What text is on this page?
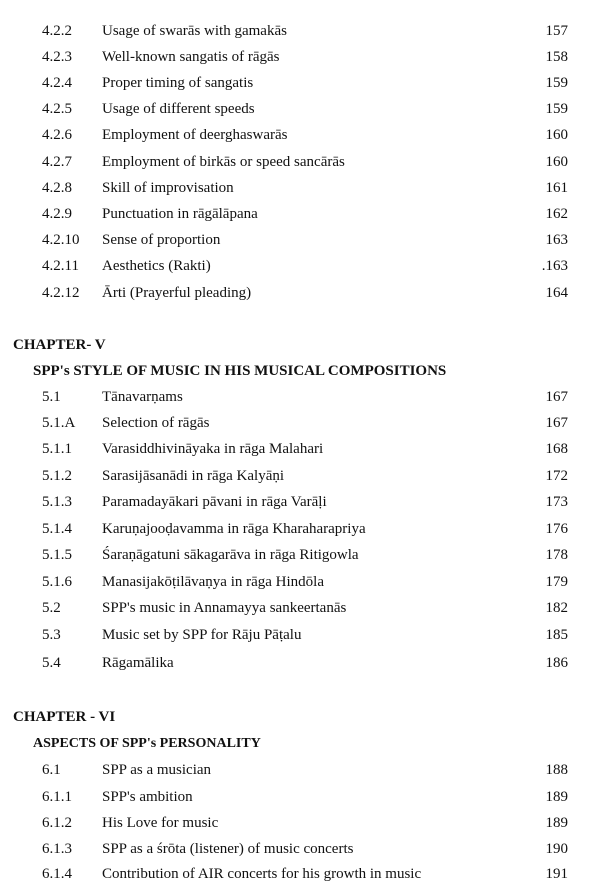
4.2.2 Usage of swarās with gamakās	157
4.2.3 Well-known sangatis of rāgās	158
4.2.4 Proper timing of sangatis	159
4.2.5 Usage of different speeds	159
4.2.6 Employment of deerghaswarās	160
4.2.7 Employment of birkās or speed sancārās	160
4.2.8 Skill of improvisation	161
4.2.9 Punctuation in rāgālāpana	162
4.2.10 Sense of proportion	163
4.2.11 Aesthetics (Rakti)	.163
4.2.12 Ārti (Prayerful pleading)	164
CHAPTER- V
SPP's STYLE OF MUSIC IN HIS MUSICAL COMPOSITIONS
5.1	Tānavarṇams	167
5.1.A Selection of rāgās	167
5.1.1 Varasiddhivināyaka in rāga Malahari	168
5.1.2 Sarasijāsanādi in rāga Kalyāṇi	172
5.1.3 Paramadayākari pāvani in rāga Varāḷi	173
5.1.4 Karuṇajooḍavamma in rāga Kharaharapriya	176
5.1.5 Śaraṇāgatuni sākagarāva in rāga Ritigowla	178
5.1.6 Manasijakōṭilāvaṇya in rāga Hindōla	179
5.2	SPP's music in Annamayya sankeertanās	182
5.3	Music set by SPP for Rāju Pāṭalu	185
5.4	Rāgamālika	186
CHAPTER - VI
ASPECTS OF SPP's PERSONALITY
6.1	SPP as a musician	188
6.1.1 SPP's ambition	189
6.1.2 His Love for music	189
6.1.3 SPP as a śrōta (listener) of music concerts	190
6.1.4 Contribution of AIR concerts for his growth in music	191
